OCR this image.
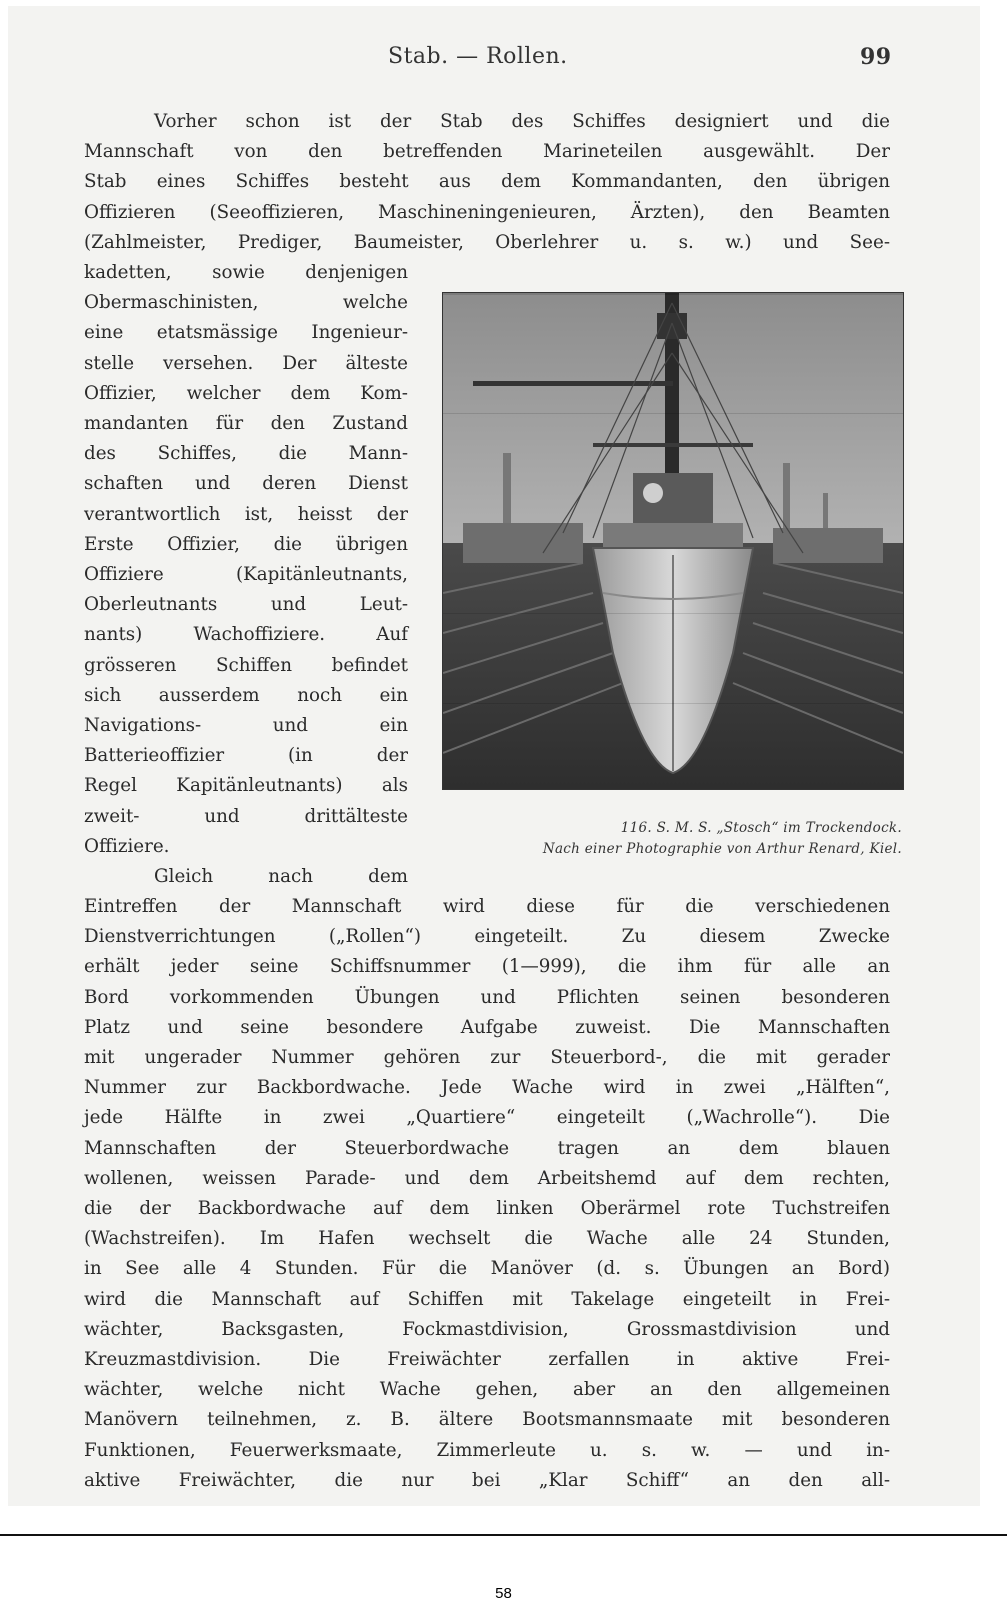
Stab. — Rollen.	99
Vorher schon ist der Stab des Schiffes designiert und die
Mannschaft von den betreffenden Marineteilen ausgewählt. Der
Stab eines Schiffes besteht aus dem Kommandanten, den übrigen
Offizieren (Seeoffizieren, Maschineningenieuren, Ärzten), den Beamten
(Zahlmeister, Prediger, Baumeister, Oberlehrer u. s. w.) und See-
kadetten, sowie denjenigen
Obermaschinisten, welche
eine etatsmässige Ingenieur-
stelle versehen. Der älteste
Offizier, welcher dem Kom-
mandanten für den Zustand
des Schiffes, die Mann-
schaften und deren Dienst
verantwortlich ist, heisst der
Erste Offizier, die übrigen
Offiziere (Kapitänleutnants,
Oberleutnants und Leut-
nants) Wachoffiziere. Auf
grösseren Schiffen befindet
sich ausserdem noch ein
Navigations- und ein
Batterieoffizier (in der
Regel Kapitänleutnants) als
zweit- und drittälteste
Offiziere.
Gleich nach dem
116. S. M. S. „Stosch“ im Trockendock.
Nach einer Photographie von Arthur Renard, Kiel.
Eintreffen der Mannschaft wird diese für die verschiedenen
Dienstverrichtungen („Rollen“) eingeteilt. Zu diesem Zwecke
erhält jeder seine Schiffsnummer (1—999), die ihm für alle an
Bord vorkommenden Übungen und Pflichten seinen besonderen
Platz und seine besondere Aufgabe zuweist. Die Mannschaften
mit ungerader Nummer gehören zur Steuerbord-, die mit gerader
Nummer zur Backbordwache. Jede Wache wird in zwei „Hälften“,
jede Hälfte in zwei „Quartiere“ eingeteilt („Wachrolle“). Die
Mannschaften der Steuerbordwache tragen an dem blauen
wollenen, weissen Parade- und dem Arbeitshemd auf dem rechten,
die der Backbordwache auf dem linken Oberärmel rote Tuchstreifen
(Wachstreifen). Im Hafen wechselt die Wache alle 24 Stunden,
in See alle 4 Stunden. Für die Manöver (d. s. Übungen an Bord)
wird die Mannschaft auf Schiffen mit Takelage eingeteilt in Frei-
wächter, Backsgasten, Fockmastdivision, Grossmastdivision und
Kreuzmastdivision. Die Freiwächter zerfallen in aktive Frei-
wächter, welche nicht Wache gehen, aber an den allgemeinen
Manövern teilnehmen, z. B. ältere Bootsmannsmaate mit besonderen
Funktionen, Feuerwerksmaate, Zimmerleute u. s. w. — und in-
aktive Freiwächter, die nur bei „Klar Schiff“ an den all-
58
